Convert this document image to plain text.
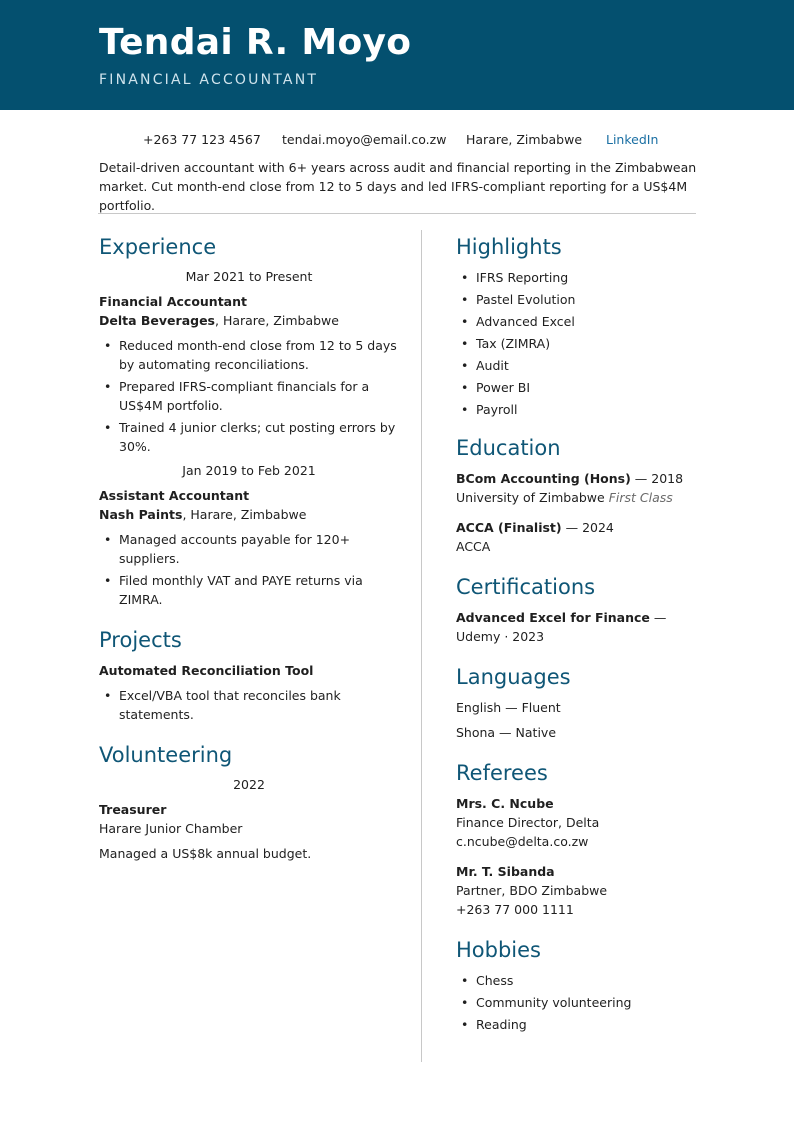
Tendai R. Moyo
FINANCIAL ACCOUNTANT
+263 77 123 4567 tendai.moyo@email.co.zw Harare, Zimbabwe LinkedIn
Detail-driven accountant with 6+ years across audit and financial reporting in the Zimbabwean market. Cut month-end close from 12 to 5 days and led IFRS-compliant reporting for a US$4M portfolio.
Experience
Mar 2021 to Present
Financial Accountant
Delta Beverages, Harare, Zimbabwe
• Reduced month-end close from 12 to 5 days by automating reconciliations.
• Prepared IFRS-compliant financials for a US$4M portfolio.
• Trained 4 junior clerks; cut posting errors by 30%.
Jan 2019 to Feb 2021
Assistant Accountant
Nash Paints, Harare, Zimbabwe
• Managed accounts payable for 120+ suppliers.
• Filed monthly VAT and PAYE returns via ZIMRA.
Projects
Automated Reconciliation Tool
• Excel/VBA tool that reconciles bank statements.
Volunteering
2022
Treasurer
Harare Junior Chamber
Managed a US$8k annual budget.
Highlights
• IFRS Reporting
• Pastel Evolution
• Advanced Excel
• Tax (ZIMRA)
• Audit
• Power BI
• Payroll
Education
BCom Accounting (Hons) — 2018
University of Zimbabwe First Class
ACCA (Finalist) — 2024
ACCA
Certifications
Advanced Excel for Finance — Udemy · 2023
Languages
English — Fluent
Shona — Native
Referees
Mrs. C. Ncube
Finance Director, Delta
c.ncube@delta.co.zw
Mr. T. Sibanda
Partner, BDO Zimbabwe
+263 77 000 1111
Hobbies
• Chess
• Community volunteering
• Reading
